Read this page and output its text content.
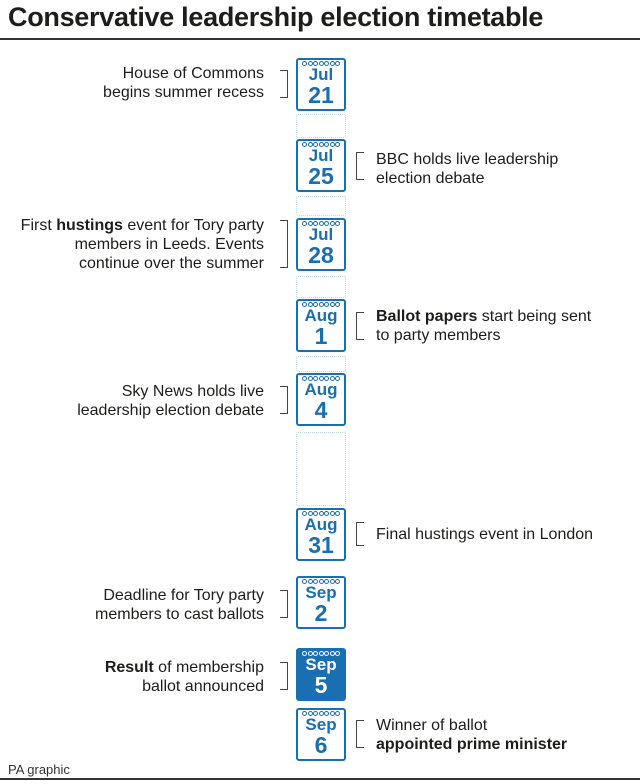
Conservative leadership election timetable
Jul
21
House of Commons
begins summer recess
Jul
25
BBC holds live leadership
election debate
Jul
28
First hustings event for Tory party
members in Leeds. Events
continue over the summer
Aug
1
Ballot papers start being sent
to party members
Aug
4
Sky News holds live
leadership election debate
Aug
31	Final hustings event in London
Sep
2
Deadline for Tory party
members to cast ballots
Sep
5
Result of membership
ballot announced
Sep
6
Winner of ballot
appointed prime minister
PA graphic
